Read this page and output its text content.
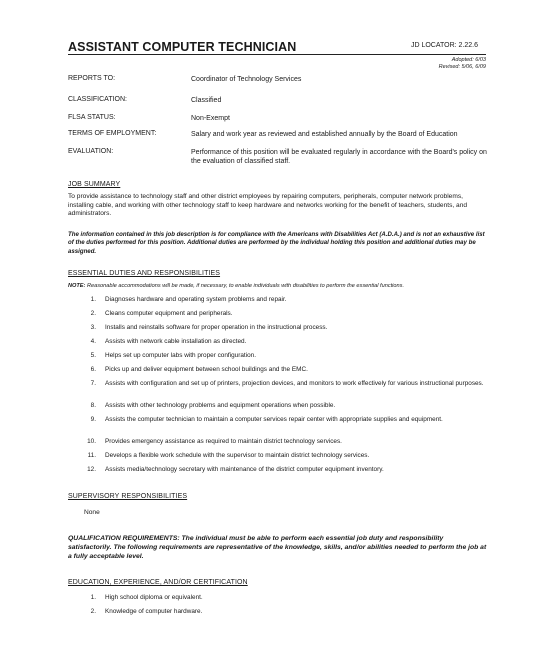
ASSISTANT COMPUTER TECHNICIAN	JD LOCATOR: 2.22.6
Adopted: 6/03
Revised: 5/06, 6/09
REPORTS TO:	Coordinator of Technology Services
CLASSIFICATION:	Classified
FLSA STATUS:	Non-Exempt
TERMS OF EMPLOYMENT:	Salary and work year as reviewed and established annually by the Board of Education
EVALUATION:	Performance of this position will be evaluated regularly in accordance with the Board's policy on the evaluation of classified staff.
JOB SUMMARY
To provide assistance to technology staff and other district employees by repairing computers, peripherals, computer network problems, installing cable, and working with other technology staff to keep hardware and networks working for the benefit of teachers, students, and administrators.
The information contained in this job description is for compliance with the Americans with Disabilities Act (A.D.A.) and is not an exhaustive list of the duties performed for this position. Additional duties are performed by the individual holding this position and additional duties may be assigned.
ESSENTIAL DUTIES AND RESPONSIBILITIES
NOTE: Reasonable accommodations will be made, if necessary, to enable individuals with disabilities to perform the essential functions.
1. Diagnoses hardware and operating system problems and repair.
2. Cleans computer equipment and peripherals.
3. Installs and reinstalls software for proper operation in the instructional process.
4. Assists with network cable installation as directed.
5. Helps set up computer labs with proper configuration.
6. Picks up and deliver equipment between school buildings and the EMC.
7. Assists with configuration and set up of printers, projection devices, and monitors to work effectively for various instructional purposes.
8. Assists with other technology problems and equipment operations when possible.
9. Assists the computer technician to maintain a computer services repair center with appropriate supplies and equipment.
10. Provides emergency assistance as required to maintain district technology services.
11. Develops a flexible work schedule with the supervisor to maintain district technology services.
12. Assists media/technology secretary with maintenance of the district computer equipment inventory.
SUPERVISORY RESPONSIBILITIES
None
QUALIFICATION REQUIREMENTS: The individual must be able to perform each essential job duty and responsibility satisfactorily. The following requirements are representative of the knowledge, skills, and/or abilities needed to perform the job at a fully acceptable level.
EDUCATION, EXPERIENCE, AND/OR CERTIFICATION
1. High school diploma or equivalent.
2. Knowledge of computer hardware.
